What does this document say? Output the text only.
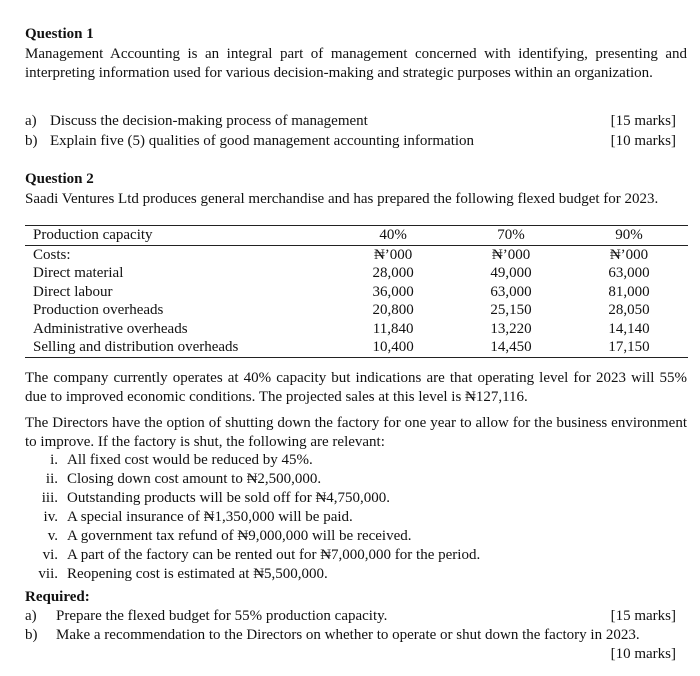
Question 1
Management Accounting is an integral part of management concerned with identifying, presenting and interpreting information used for various decision-making and strategic purposes within an organization.
a) Discuss the decision-making process of management	[15 marks]
b) Explain five (5) qualities of good management accounting information	[10 marks]
Question 2
Saadi Ventures Ltd produces general merchandise and has prepared the following flexed budget for 2023.
Production capacity	40%	70%	90%
Costs:	₦’000	₦’000	₦’000
Direct material	28,000	49,000	63,000
Direct labour	36,000	63,000	81,000
Production overheads	20,800	25,150	28,050
Administrative overheads	11,840	13,220	14,140
Selling and distribution overheads	10,400	14,450	17,150
The company currently operates at 40% capacity but indications are that operating level for 2023 will 55% due to improved economic conditions. The projected sales at this level is ₦127,116.
The Directors have the option of shutting down the factory for one year to allow for the business environment to improve. If the factory is shut, the following are relevant:
i. All fixed cost would be reduced by 45%.
ii. Closing down cost amount to ₦2,500,000.
iii. Outstanding products will be sold off for ₦4,750,000.
iv. A special insurance of ₦1,350,000 will be paid.
v. A government tax refund of ₦9,000,000 will be received.
vi. A part of the factory can be rented out for ₦7,000,000 for the period.
vii. Reopening cost is estimated at ₦5,500,000.
Required:
a) Prepare the flexed budget for 55% production capacity.	[15 marks]
b) Make a recommendation to the Directors on whether to operate or shut down the factory in 2023.
[10 marks]
